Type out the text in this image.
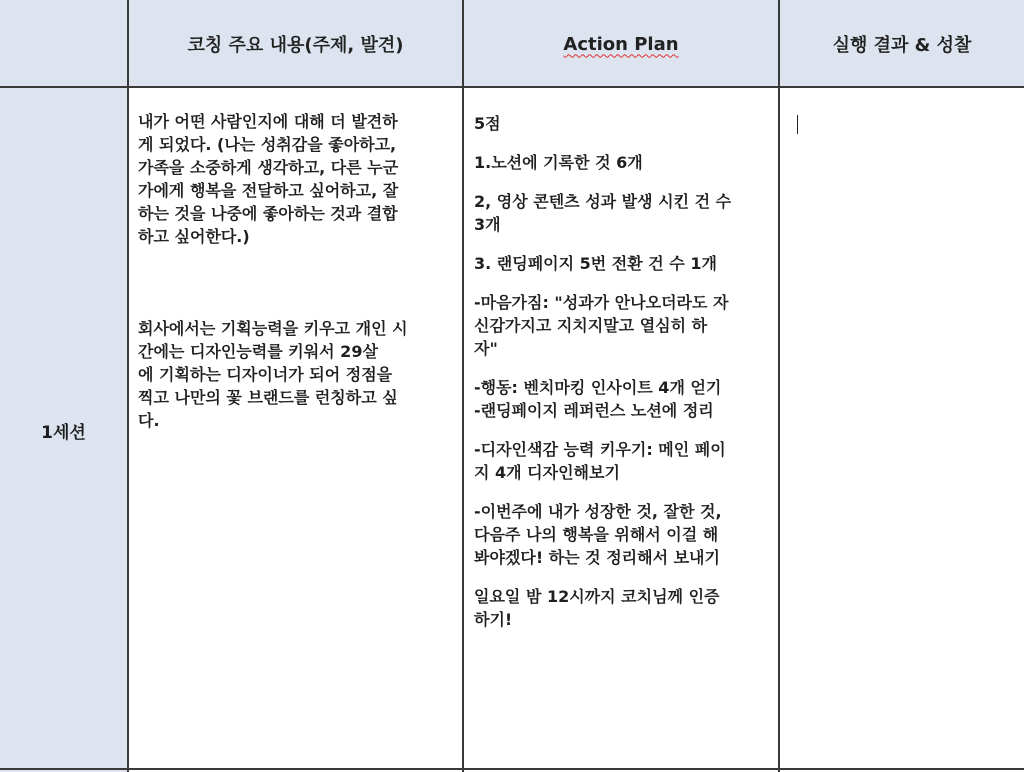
코칭 주요 내용(주제, 발견)	Action Plan	실행 결과 & 성찰
1세션
내가 어떤 사람인지에 대해 더 발견하
게 되었다. (나는 성취감을 좋아하고,
가족을 소중하게 생각하고, 다른 누군
가에게 행복을 전달하고 싶어하고, 잘
하는 것을 나중에 좋아하는 것과 결합
하고 싶어한다.)
회사에서는 기획능력을 키우고 개인 시
간에는 디자인능력를 키워서 29살
에 기획하는 디자이너가 되어 정점을
찍고 나만의 꽃 브랜드를 런칭하고 싶
다.
5점
1.노션에 기록한 것 6개
2, 영상 콘텐츠 성과 발생 시킨 건 수
3개
3. 랜딩페이지 5번 전환 건 수 1개
-마음가짐: "성과가 안나오더라도 자
신감가지고 지치지말고 열심히 하
자"
-행동: 벤치마킹 인사이트 4개 얻기
-랜딩페이지 레퍼런스 노션에 정리
-디자인색감 능력 키우기: 메인 페이
지 4개 디자인해보기
-이번주에 내가 성장한 것, 잘한 것,
다음주 나의 행복을 위해서 이걸 해
봐야겠다! 하는 것 정리해서 보내기
일요일 밤 12시까지 코치님께 인증
하기!
